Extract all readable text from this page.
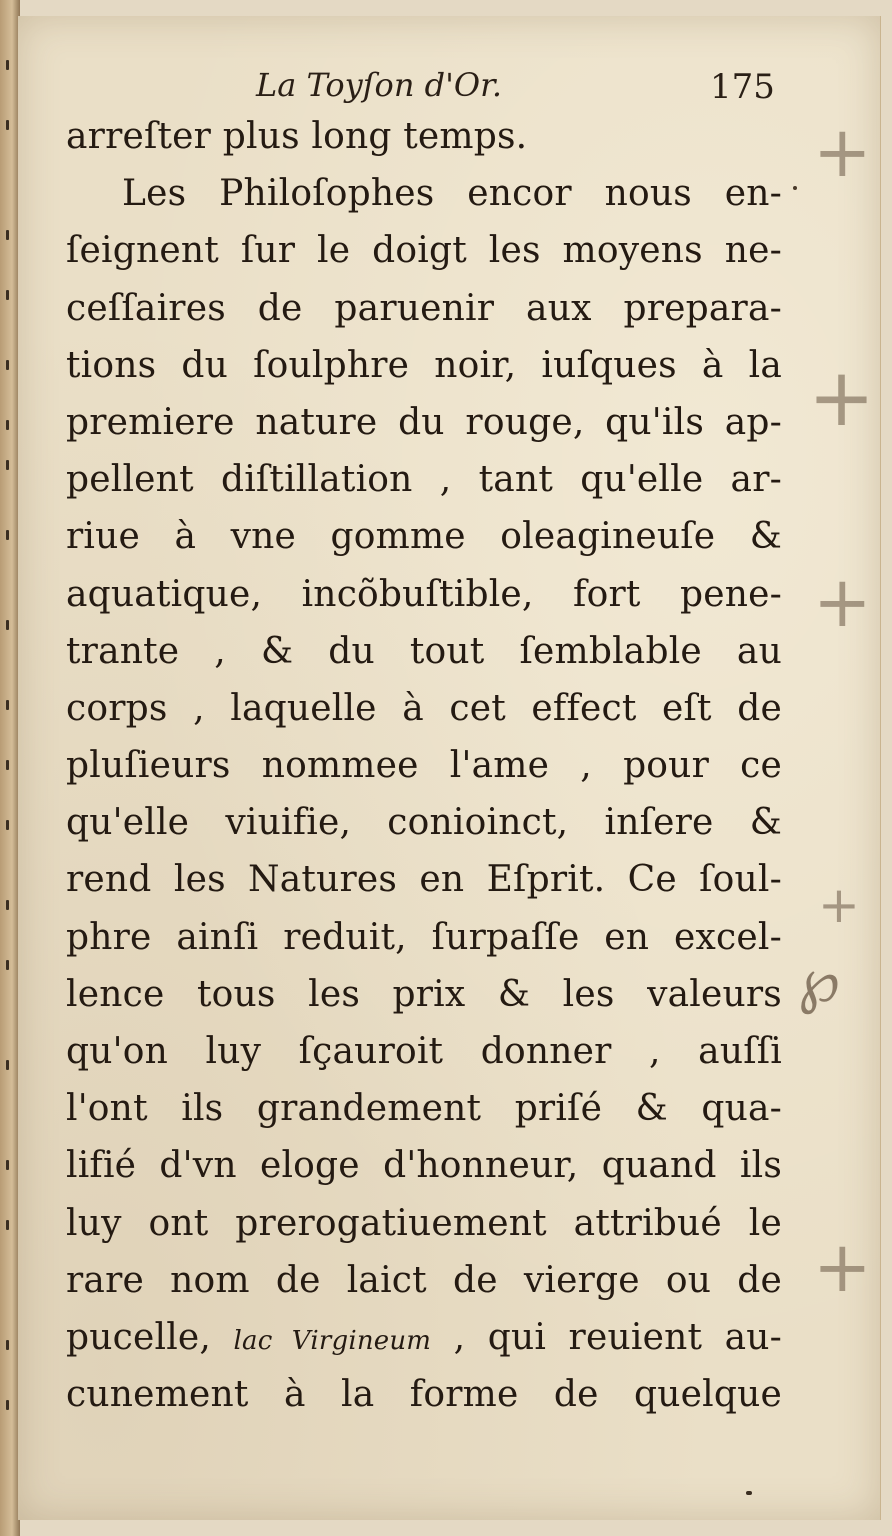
La Toyſon d'Or.	175
arreſter plus long temps.
Les Philoſophes encor nous en-
ſeignent ſur le doigt les moyens ne-
ceſſaires de paruenir aux prepara-
tions du ſoulphre noir, iuſques à la
premiere nature du rouge, qu'ils ap-
pellent diſtillation , tant qu'elle ar-
riue à vne gomme oleagineuſe &
aquatique, incõbuſtible, fort pene-
trante , & du tout ſemblable au
corps , laquelle à cet effect eſt de
pluſieurs nommee l'ame , pour ce
qu'elle viuifie, conioinct, inſere &
rend les Natures en Eſprit. Ce ſoul-
phre ainſi reduit, ſurpaſſe en excel-
lence tous les prix & les valeurs
qu'on luy ſçauroit donner , auſſi
l'ont ils grandement priſé & qua-
lifié d'vn eloge d'honneur, quand ils
luy ont prerogatiuement attribué le
rare nom de laict de vierge ou de
pucelle, lac Virgineum , qui reuient au-
cunement à la forme de quelque
+
+
+
+
℘
+
